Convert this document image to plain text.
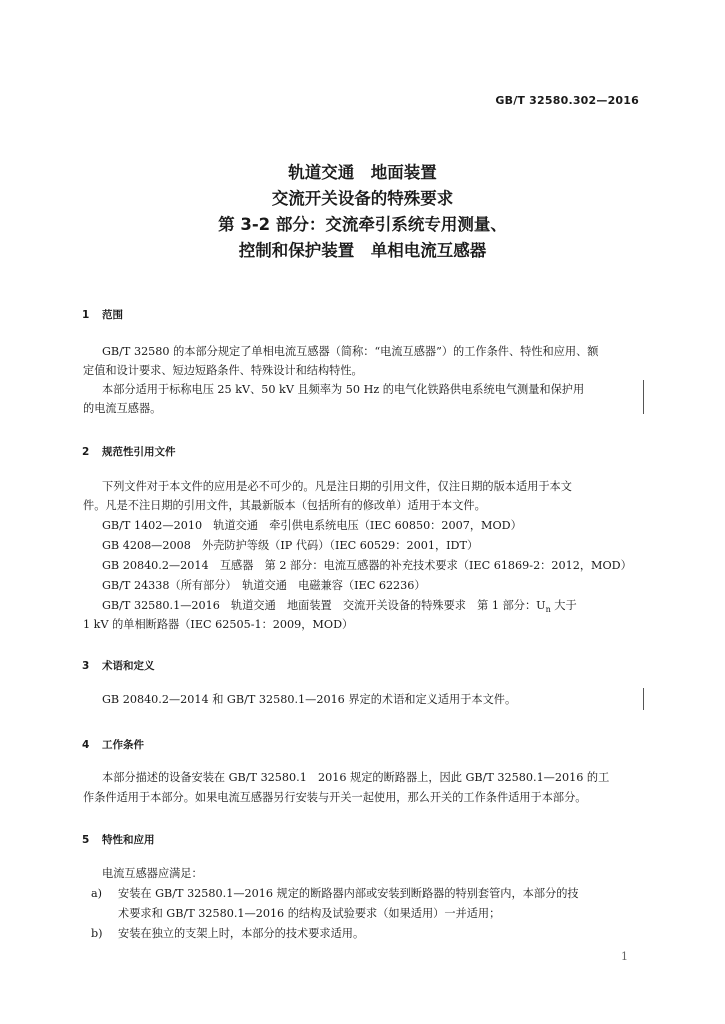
GB/T 32580.302—2016
轨道交通　地面装置
交流开关设备的特殊要求
第 3-2 部分：交流牵引系统专用测量、
控制和保护装置　单相电流互感器
1 范围
GB/T 32580 的本部分规定了单相电流互感器（简称：“电流互感器”）的工作条件、特性和应用、额
定值和设计要求、短边短路条件、特殊设计和结构特性。
本部分适用于标称电压 25 kV、50 kV 且频率为 50 Hz 的电气化铁路供电系统电气测量和保护用
的电流互感器。
2 规范性引用文件
下列文件对于本文件的应用是必不可少的。凡是注日期的引用文件，仅注日期的版本适用于本文
件。凡是不注日期的引用文件，其最新版本（包括所有的修改单）适用于本文件。
GB/T 1402—2010　轨道交通　牵引供电系统电压（IEC 60850：2007，MOD）
GB 4208—2008　外壳防护等级（IP 代码）（IEC 60529：2001，IDT）
GB 20840.2—2014　互感器　第 2 部分：电流互感器的补充技术要求（IEC 61869-2：2012，MOD）
GB/T 24338（所有部分）　轨道交通　电磁兼容（IEC 62236）
GB/T 32580.1—2016　轨道交通　地面装置　交流开关设备的特殊要求　第 1 部分：$U_n$ 大于
1 kV 的单相断路器（IEC 62505-1：2009，MOD）
3 术语和定义
GB 20840.2—2014 和 GB/T 32580.1—2016 界定的术语和定义适用于本文件。
4 工作条件
本部分描述的设备安装在 GB/T 32580.1　2016 规定的断路器上，因此 GB/T 32580.1—2016 的工
作条件适用于本部分。如果电流互感器另行安装与开关一起使用，那么开关的工作条件适用于本部分。
5 特性和应用
电流互感器应满足：
a) 安装在 GB/T 32580.1—2016 规定的断路器内部或安装到断路器的特别套管内，本部分的技
术要求和 GB/T 32580.1—2016 的结构及试验要求（如果适用）一并适用；
b) 安装在独立的支架上时，本部分的技术要求适用。
1
